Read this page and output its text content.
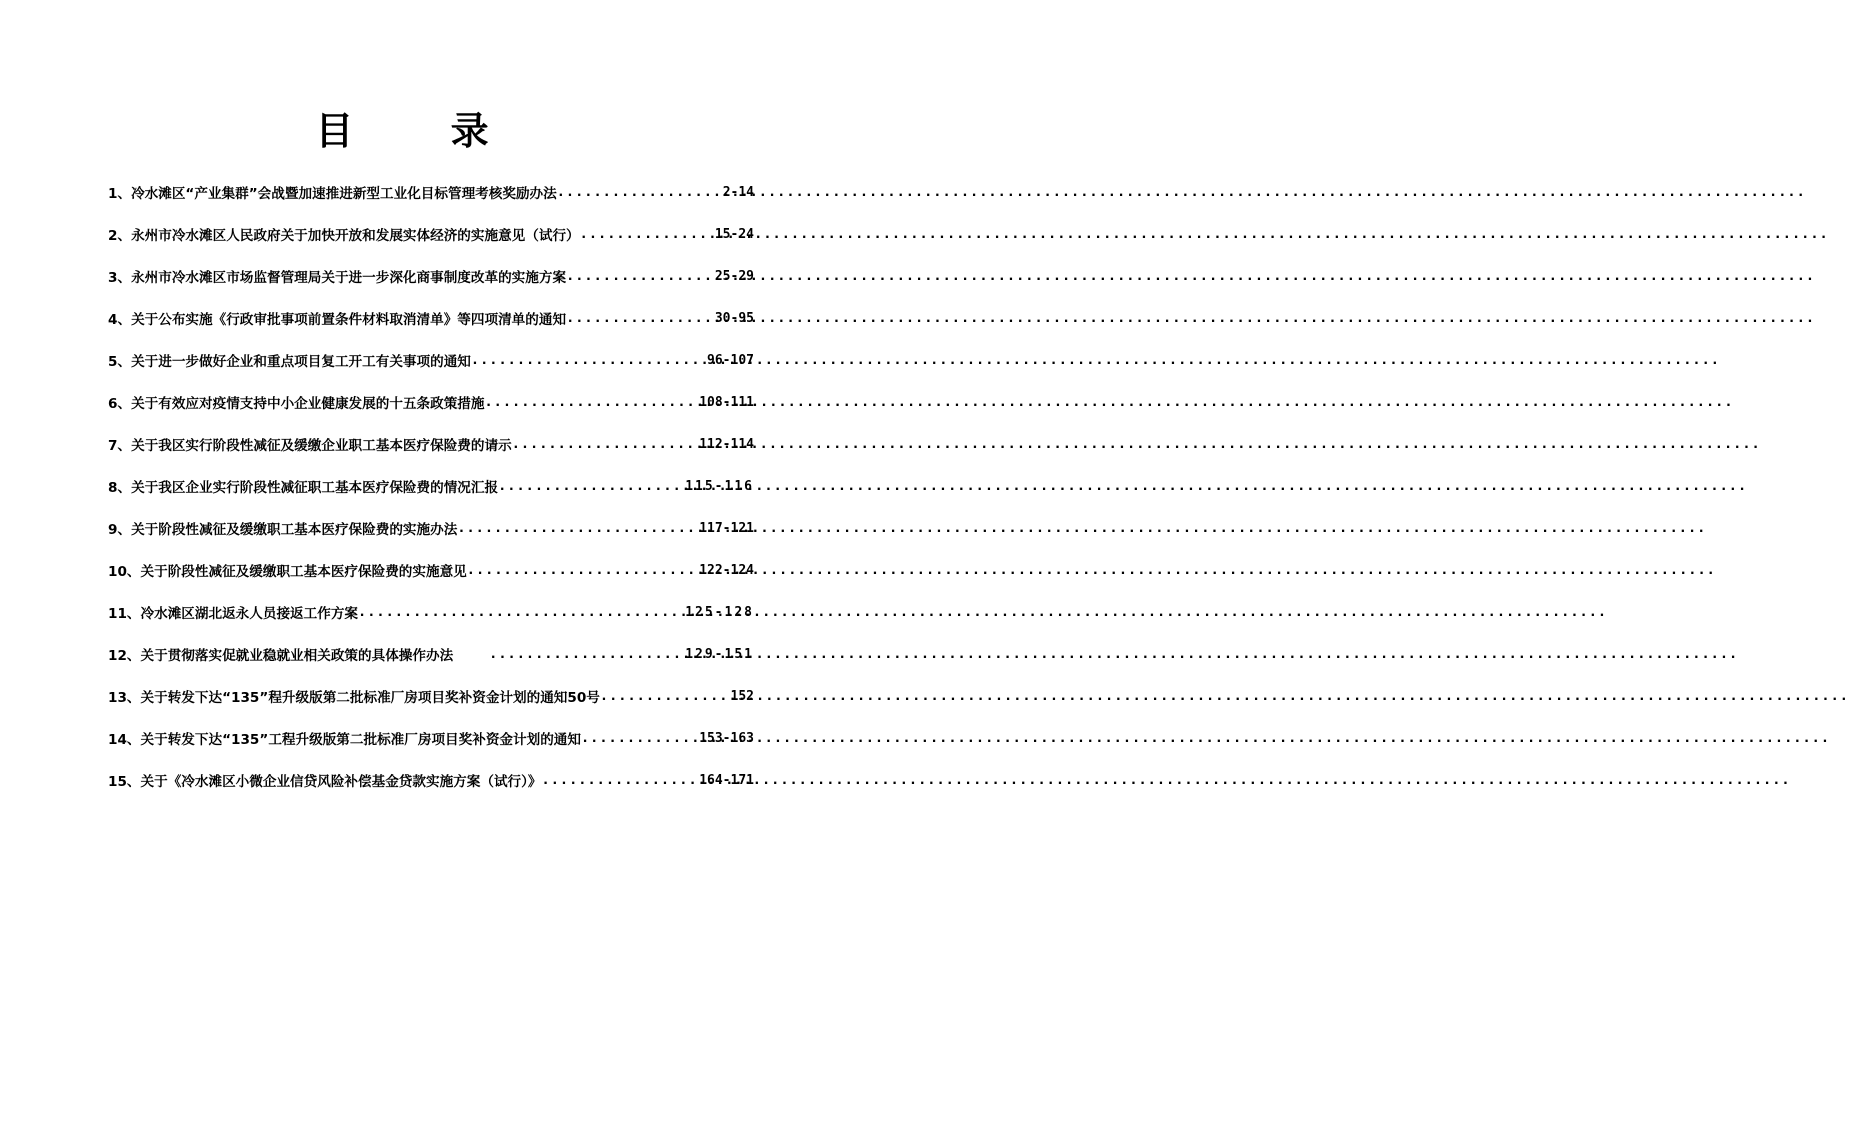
目 录
1、 冷水滩区“产业集群”会战暨加速推进新型工业化目标管理考核奖励办法 .....	2-14
2、 永州市冷水滩区人民政府关于加快开放和发展实体经济的实施意见（试行） .....	15-24
3、 永州市冷水滩区市场监督管理局关于进一步深化商事制度改革的实施方案 .....	25-29
4、 关于公布实施《行政审批事项前置条件材料取消清单》等四项清单的通知 .....	30-95
5、 关于进一步做好企业和重点项目复工开工有关事项的通知 .....	96-107
6、 关于有效应对疫情支持中小企业健康发展的十五条政策措施 .....	108-111
7、 关于我区实行阶段性减征及缓缴企业职工基本医疗保险费的请示 .....	112-114
8、 关于我区企业实行阶段性减征职工基本医疗保险费的情况汇报 .....	115-116
9、 关于阶段性减征及缓缴职工基本医疗保险费的实施办法 .....	117-121
10、 关于阶段性减征及缓缴职工基本医疗保险费的实施意见 .....	122-124
11、 冷水滩区湖北返永人员接返工作方案 .....	125-128
12、 关于贯彻落实促就业稳就业相关政策的具体操作办法 .....	129-151
13、 关于转发下达“135”程升级版第二批标准厂房项目奖补资金计划的通知50号 .....	152
14、 关于转发下达“135”工程升级版第二批标准厂房项目奖补资金计划的通知 .....	153-163
15、 关于《冷水滩区小微企业信贷风险补偿基金贷款实施方案（试行）》 .....	164-171
